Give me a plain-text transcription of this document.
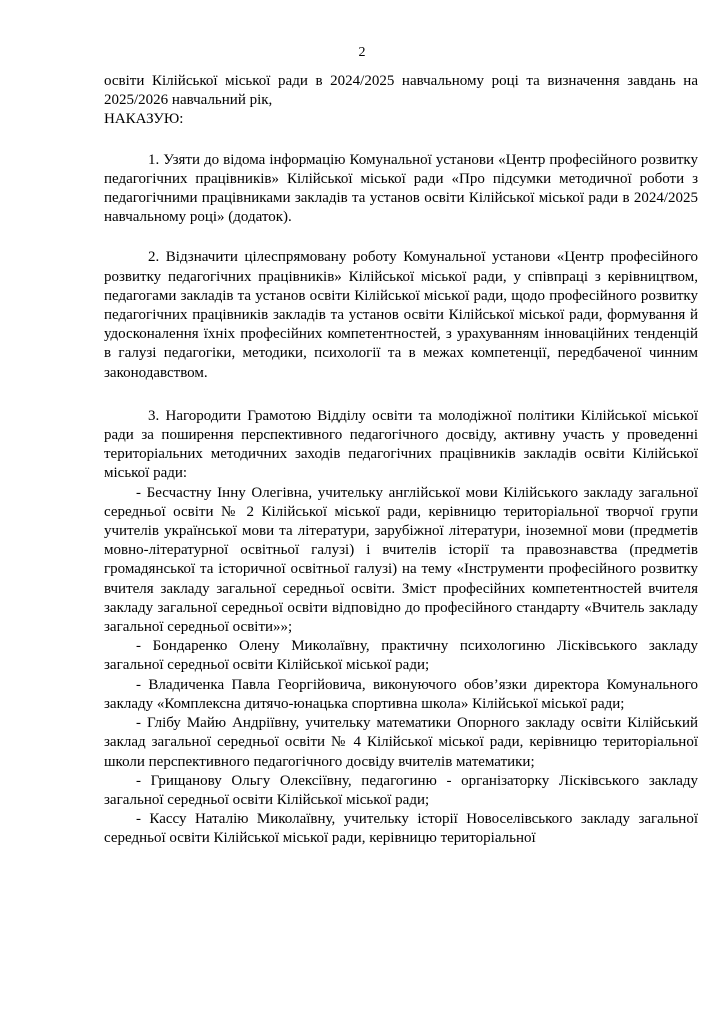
2

освіти Кілійської міської ради в 2024/2025 навчальному році та визначення завдань на 2025/2026 навчальний рік,

НАКАЗУЮ:

1. Узяти до відома інформацію Комунальної установи «Центр професійного розвитку педагогічних працівників» Кілійської міської ради «Про підсумки методичної роботи з педагогічними працівниками закладів та установ освіти Кілійської міської ради в 2024/2025 навчальному році» (додаток).

2. Відзначити цілеспрямовану роботу Комунальної установи «Центр професійного розвитку педагогічних працівників» Кілійської міської ради, у співпраці з керівництвом, педагогами закладів та установ освіти Кілійської міської ради, щодо професійного розвитку педагогічних працівників закладів та установ освіти Кілійської міської ради, формування й удосконалення їхніх професійних компетентностей, з урахуванням інноваційних тенденцій в галузі педагогіки, методики, психології та в межах компетенції, передбаченої чинним законодавством.

3. Нагородити Грамотою Відділу освіти та молодіжної політики Кілійської міської ради за поширення перспективного педагогічного досвіду, активну участь у проведенні територіальних методичних заходів педагогічних працівників закладів освіти Кілійської міської ради:

- Бесчастну Інну Олегівна, учительку англійської мови Кілійського закладу загальної середньої освіти № 2 Кілійської міської ради, керівницю територіальної творчої групи учителів української мови та літератури, зарубіжної літератури, іноземної мови (предметів мовно-літературної освітньої галузі) і вчителів історії та правознавства (предметів громадянської та історичної освітньої галузі) на тему «Інструменти професійного розвитку вчителя закладу загальної середньої освіти. Зміст професійних компетентностей вчителя закладу загальної середньої освіти відповідно до професійного стандарту «Вчитель закладу загальної середньої освіти»»;

- Бондаренко Олену Миколаївну, практичну психологиню Лісківського закладу загальної середньої освіти Кілійської міської ради;

- Владиченка Павла Георгійовича, виконуючого обов’язки директора Комунального закладу «Комплексна дитячо-юнацька спортивна школа» Кілійської міської ради;

- Глібу Майю Андріївну, учительку математики Опорного закладу освіти Кілійський заклад загальної середньої освіти № 4 Кілійської міської ради, керівницю територіальної школи перспективного педагогічного досвіду вчителів математики;

- Грищанову Ольгу Олексіївну, педагогиню - організаторку Лісківського закладу загальної середньої освіти Кілійської міської ради;

- Кассу Наталію Миколаївну, учительку історії Новоселівського закладу загальної середньої освіти Кілійської міської ради, керівницю територіальної
